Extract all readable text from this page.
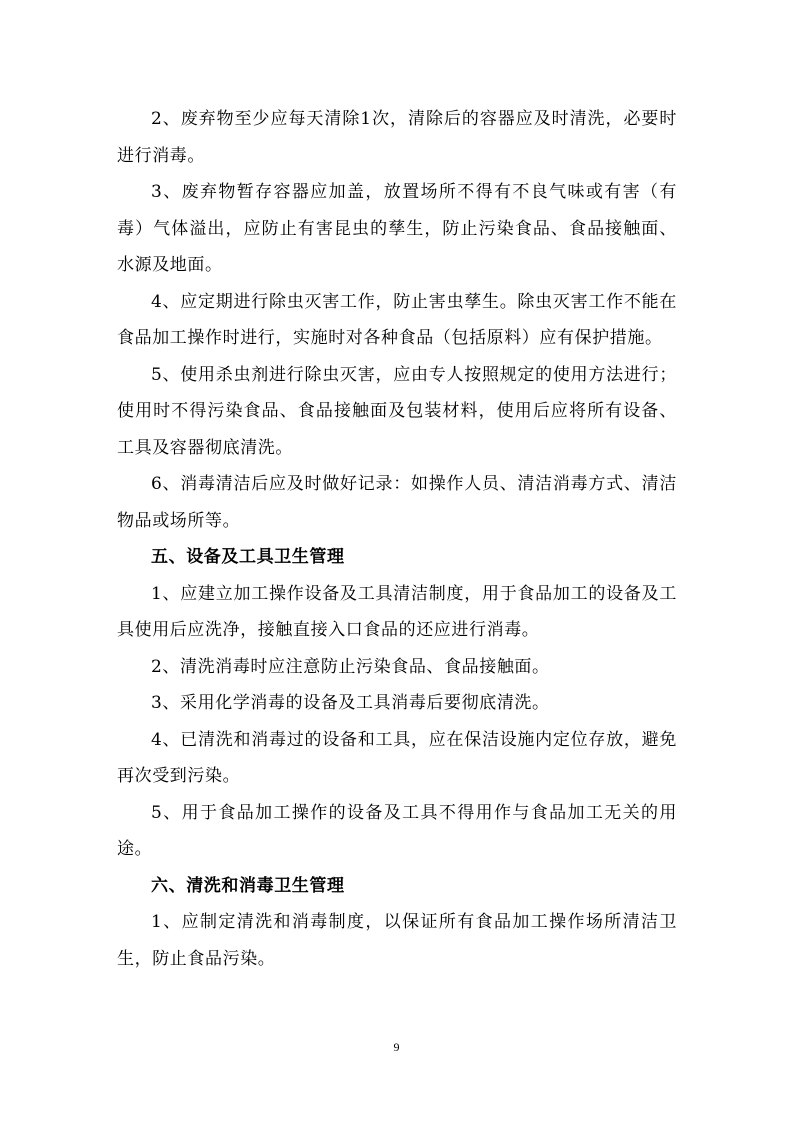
2、废弃物至少应每天清除1次，清除后的容器应及时清洗，必要时进行消毒。

3、废弃物暂存容器应加盖，放置场所不得有不良气味或有害（有毒）气体溢出，应防止有害昆虫的孳生，防止污染食品、食品接触面、水源及地面。

4、应定期进行除虫灭害工作，防止害虫孳生。除虫灭害工作不能在食品加工操作时进行，实施时对各种食品（包括原料）应有保护措施。

5、使用杀虫剂进行除虫灭害，应由专人按照规定的使用方法进行；使用时不得污染食品、食品接触面及包装材料，使用后应将所有设备、工具及容器彻底清洗。

6、消毒清洁后应及时做好记录：如操作人员、清洁消毒方式、清洁物品或场所等。

五、设备及工具卫生管理

1、应建立加工操作设备及工具清洁制度，用于食品加工的设备及工具使用后应洗净，接触直接入口食品的还应进行消毒。

2、清洗消毒时应注意防止污染食品、食品接触面。

3、采用化学消毒的设备及工具消毒后要彻底清洗。

4、已清洗和消毒过的设备和工具，应在保洁设施内定位存放，避免再次受到污染。

5、用于食品加工操作的设备及工具不得用作与食品加工无关的用途。

六、清洗和消毒卫生管理

1、应制定清洗和消毒制度，以保证所有食品加工操作场所清洁卫生，防止食品污染。

9
